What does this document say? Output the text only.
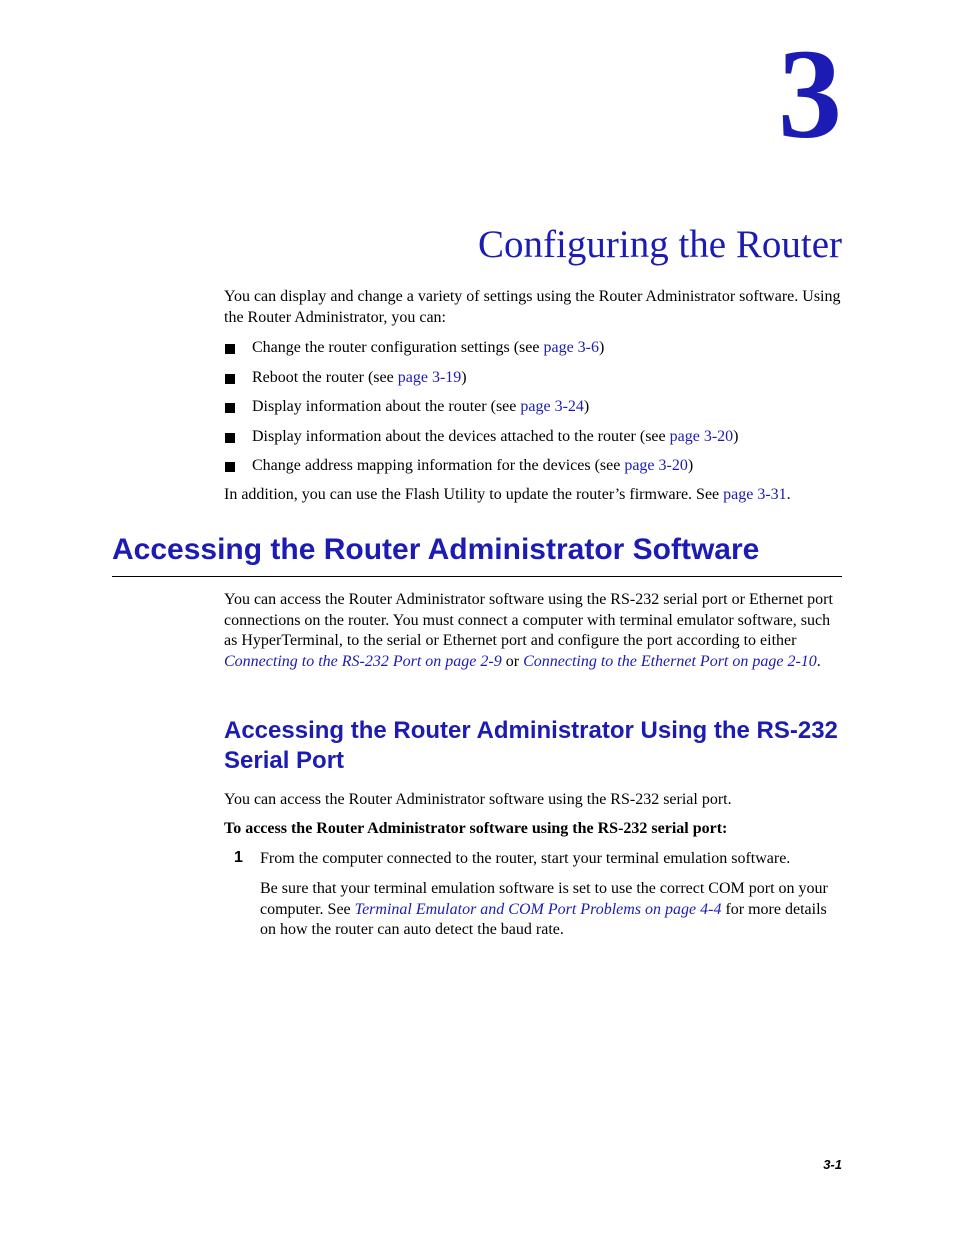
3
Configuring the Router
You can display and change a variety of settings using the Router Administrator software. Using the Router Administrator, you can:
Change the router configuration settings (see page 3-6)
Reboot the router (see page 3-19)
Display information about the router (see page 3-24)
Display information about the devices attached to the router (see page 3-20)
Change address mapping information for the devices (see page 3-20)
In addition, you can use the Flash Utility to update the router’s firmware. See page 3-31.
Accessing the Router Administrator Software
You can access the Router Administrator software using the RS-232 serial port or Ethernet port connections on the router. You must connect a computer with terminal emulator software, such as HyperTerminal, to the serial or Ethernet port and configure the port according to either Connecting to the RS-232 Port on page 2-9 or Connecting to the Ethernet Port on page 2-10.
Accessing the Router Administrator Using the RS-232 Serial Port
You can access the Router Administrator software using the RS-232 serial port.
To access the Router Administrator software using the RS-232 serial port:
1 From the computer connected to the router, start your terminal emulation software.
Be sure that your terminal emulation software is set to use the correct COM port on your computer. See Terminal Emulator and COM Port Problems on page 4-4 for more details on how the router can auto detect the baud rate.
3-1
